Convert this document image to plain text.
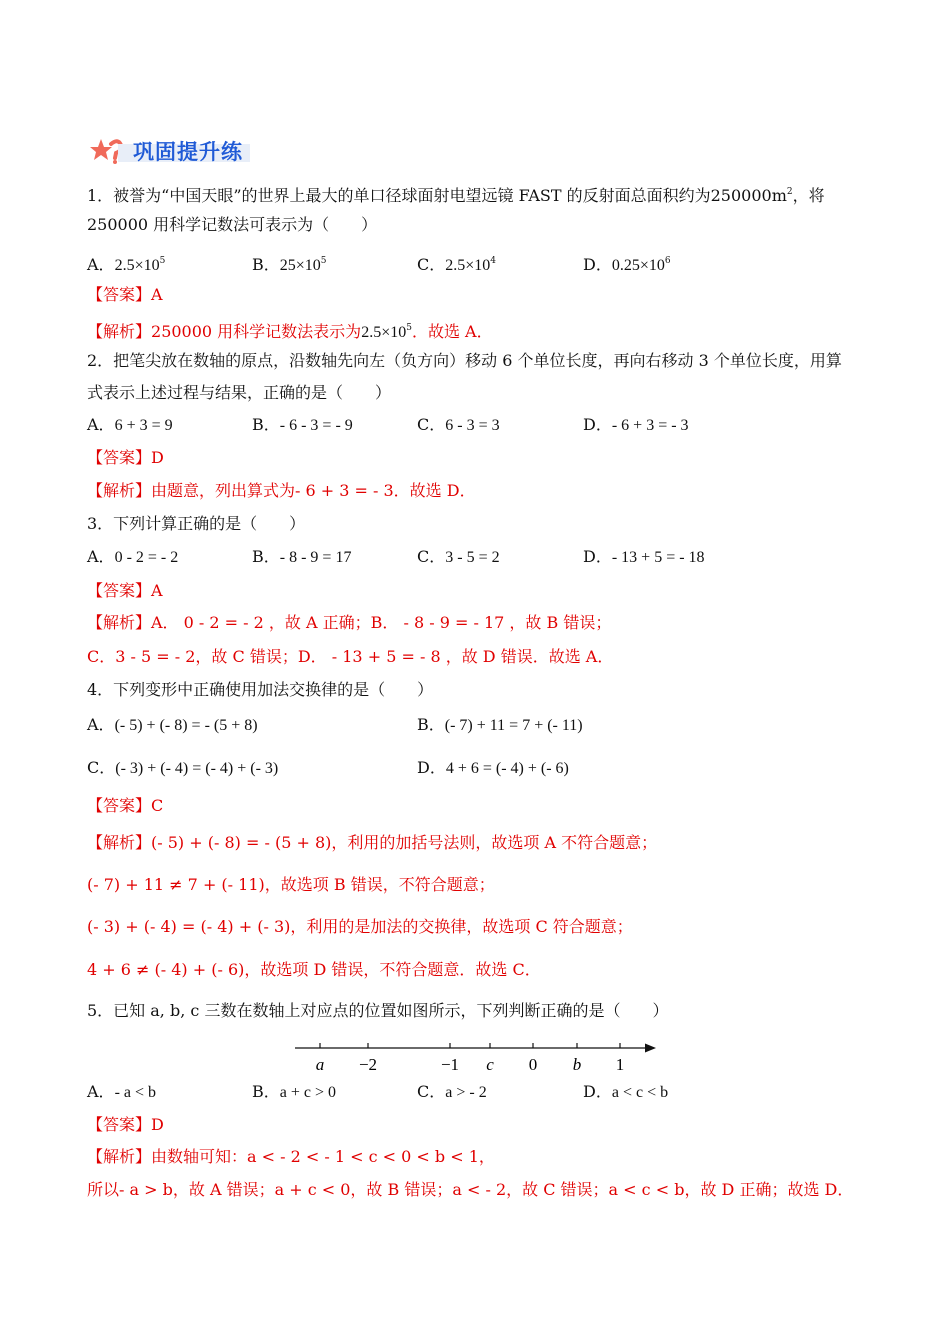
巩固提升练
1．被誉为“中国天眼”的世界上最大的单口径球面射电望远镜 FAST 的反射面总面积约为$250000m^2$，将
250000 用科学记数法可表示为（　　）
A．$2.5\times 10^5$	B．$25\times 10^5$	C．$2.5\times 10^4$	D．$0.25\times 10^6$
【答案】A
【解析】250000 用科学记数法表示为$2.5\times 10^5$．故选 A．
2．把笔尖放在数轴的原点，沿数轴先向左（负方向）移动 6 个单位长度，再向右移动 3 个单位长度，用算
式表示上述过程与结果，正确的是（　　）
A．6 + 3 = 9	B．- 6 - 3 = - 9	C．6 - 3 = 3	D．- 6 + 3 = - 3
【答案】D
【解析】由题意，列出算式为- 6 + 3 = - 3．故选 D．
3．下列计算正确的是（　　）
A．0 - 2 = - 2	B．- 8 - 9 = 17	C．3 - 5 = 2	D．- 13 + 5 = - 18
【答案】A
【解析】A． 0 - 2 = - 2 ，故 A 正确；B． - 8 - 9 = - 17 ，故 B 错误；
C．3 - 5 = - 2，故 C 错误；D． - 13 + 5 = - 8 ，故 D 错误．故选 A．
4．下列变形中正确使用加法交换律的是（　　）
A．(- 5) + (- 8) = - (5 + 8)	B．(- 7) + 11 = 7 + (- 11)
C．(- 3) + (- 4) = (- 4) + (- 3)	D．4 + 6 = (- 4) + (- 6)
【答案】C
【解析】(- 5) + (- 8) = - (5 + 8)，利用的加括号法则，故选项 A 不符合题意；
(- 7) + 11 ≠ 7 + (- 11)，故选项 B 错误，不符合题意；
(- 3) + (- 4) = (- 4) + (- 3)，利用的是加法的交换律，故选项 C 符合题意；
4 + 6 ≠ (- 4) + (- 6)，故选项 D 错误，不符合题意．故选 C．
5．已知 a, b, c 三数在数轴上对应点的位置如图所示，下列判断正确的是（　　）
a −2	−1 c 0 b 1
A．- a < b	B．a + c > 0	C．a > - 2	D．a < c < b
【答案】D
【解析】由数轴可知：a < - 2 < - 1 < c < 0 < b < 1，
所以- a > b，故 A 错误；a + c < 0，故 B 错误；a < - 2，故 C 错误；a < c < b，故 D 正确；故选 D．
